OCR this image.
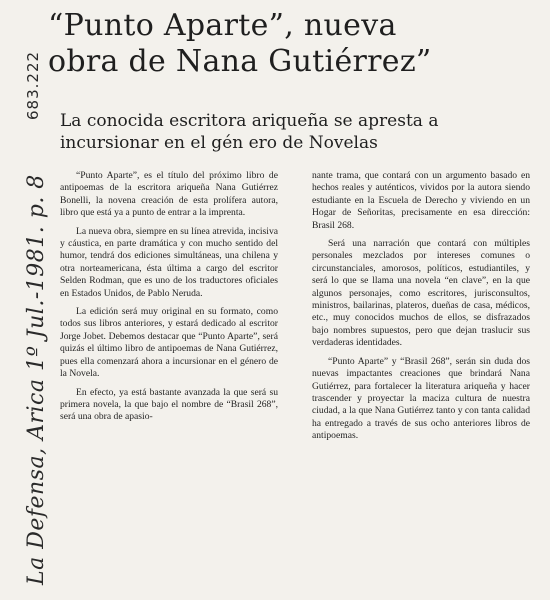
La Defensa, Arica 1º Jul.-1981. p. 8
683.222
“Punto Aparte”, nueva
obra de Nana Gutiérrez”
La conocida escritora ariqueña se apresta a
incursionar en el gén ero de Novelas

“Punto Aparte”, es el título del próximo libro de antipoemas de la escritora ariqueña Nana Gutiérrez Bonelli, la novena creación de esta prolífera autora, libro que está ya a punto de entrar a la imprenta.

La nueva obra, siempre en su línea atrevida, incisiva y cáustica, en parte dramática y con mucho sentido del humor, tendrá dos ediciones simultáneas, una chilena y otra norteamericana, ésta última a cargo del escritor Selden Rodman, que es uno de los traductores oficiales en Estados Unidos, de Pablo Neruda.

La edición será muy original en su formato, como todos sus libros anteriores, y estará dedicado al escritor Jorge Jobet. Debemos destacar que “Punto Aparte”, será quizás el último libro de antipoemas de Nana Gutiérrez, pues ella comenzará ahora a incursionar en el género de la Novela.

En efecto, ya está bastante avanzada la que será su primera novela, la que bajo el nombre de “Brasil 268”, será una obra de apasio-

nante trama, que contará con un argumento basado en hechos reales y auténticos, vividos por la autora siendo estudiante en la Escuela de Derecho y viviendo en un Hogar de Señoritas, precisamente en esa dirección: Brasil 268.

Será una narración que contará con múltiples personales mezclados por intereses comunes o circunstanciales, amorosos, políticos, estudiantiles, y será lo que se llama una novela “en clave”, en la que algunos personajes, como escritores, jurisconsultos, ministros, bailarinas, plateros, dueñas de casa, médicos, etc., muy conocidos muchos de ellos, se disfrazados bajo nombres supuestos, pero que dejan traslucir sus verdaderas identidades.

“Punto Aparte” y “Brasil 268”, serán sin duda dos nuevas impactantes creaciones que brindará Nana Gutiérrez, para fortalecer la literatura ariqueña y hacer trascender y proyectar la maciza cultura de nuestra ciudad, a la que Nana Gutiérrez tanto y con tanta calidad ha entregado a través de sus ocho anteriores libros de antipoemas.
